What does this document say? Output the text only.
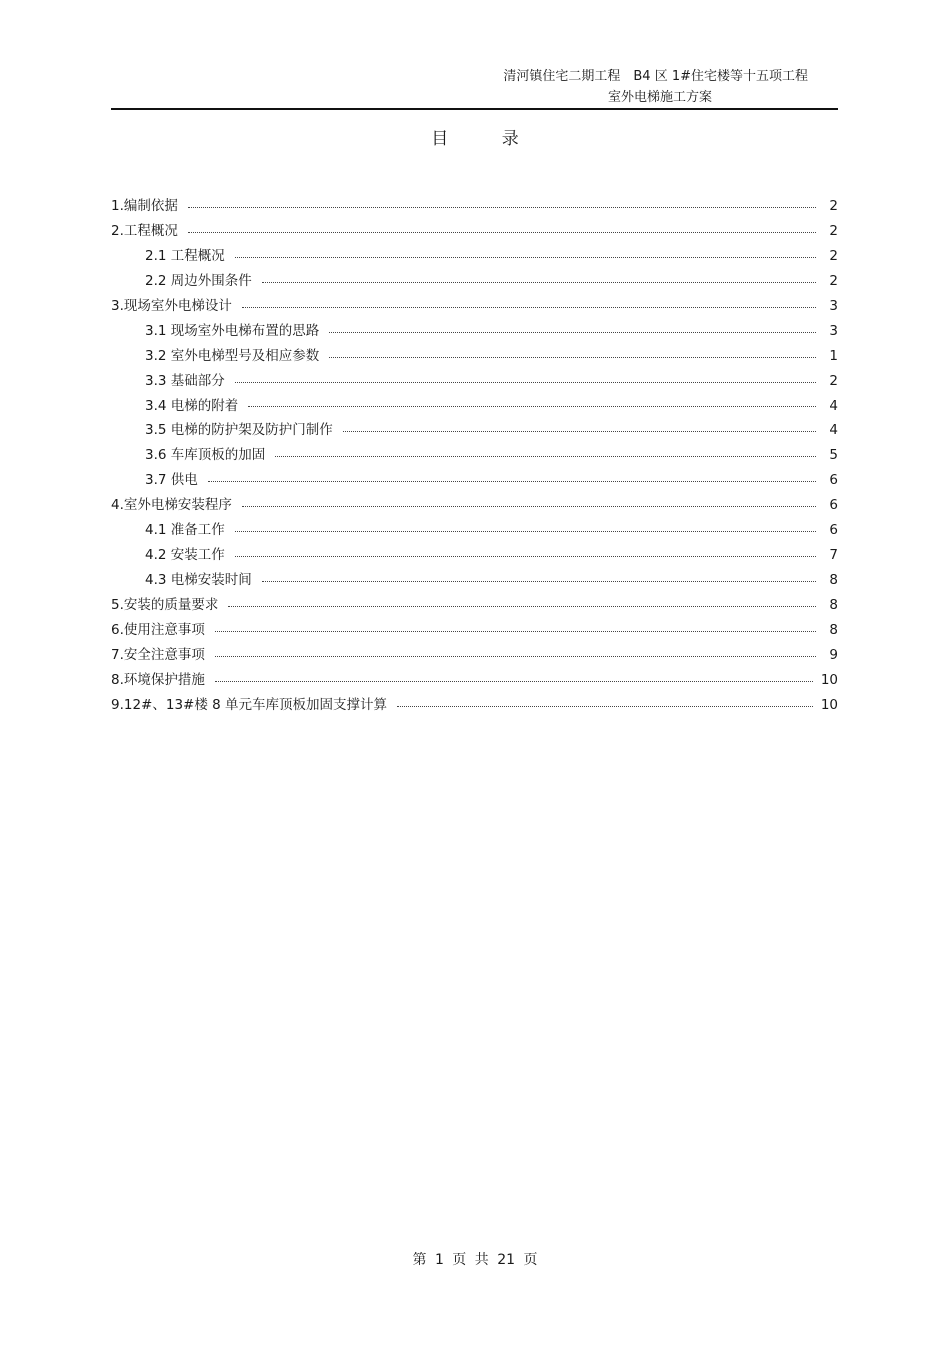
清河镇住宅二期工程　B4 区 1#住宅楼等十五项工程
室外电梯施工方案
目 录
1.编制依据	2
2.工程概况	2
2.1 工程概况	2
2.2 周边外围条件	2
3.现场室外电梯设计	3
3.1 现场室外电梯布置的思路	3
3.2 室外电梯型号及相应参数	1
3.3 基础部分	2
3.4 电梯的附着	4
3.5 电梯的防护架及防护门制作	4
3.6 车库顶板的加固	5
3.7 供电	6
4.室外电梯安装程序	6
4.1 准备工作	6
4.2 安装工作	7
4.3 电梯安装时间	8
5.安装的质量要求	8
6.使用注意事项	8
7.安全注意事项	9
8.环境保护措施	10
9.12#、13#楼 8 单元车库顶板加固支撑计算	10
第 1 页 共 21 页
